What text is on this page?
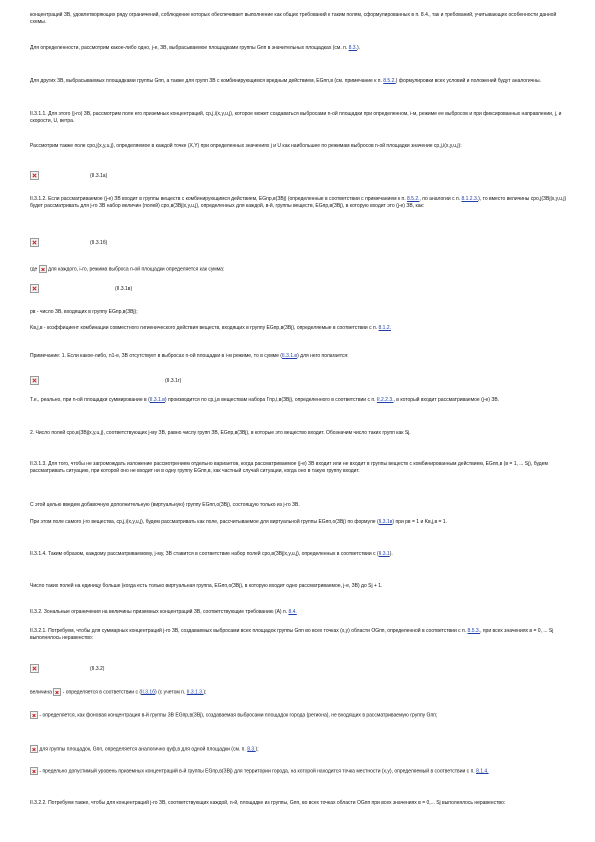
концентраций ЗВ, удовлетворяющих ряду ограничений, соблюдение которых обеспечивает выполнение как общих требований к таким полям, сформулированных в п. 8.4., так и требований, учитывающих особенности данной схемы.

Для определенности, рассмотрим какое-либо одно, j-е, ЗВ, выбрасываемое площадками группы Gпп в значительных площадках (см. п. 8.3.).

Для других ЗВ, выбрасываемых площадками группы Gпп, а также для групп ЗВ с комбинирующимся вредным действием, EGпп,в (см. примечание к п. 8.5.2.) формулировки всех условий и положений будут аналогичны.

II.3.1.1. Для этого (j-го) ЗВ, рассмотрим поле его приземных концентраций, cp,j,i(x,y,u,j), которое может создаваться выбросами n-ой площадки при определенном, i-м, режиме ее выбросов и при фиксированных направлении, j, и скорости, U, ветра.

Рассмотрим также поле cpo,j(x,y,u,j), определяемое в каждой точке (X,Y) при определенных значениях j и U как наибольшее по режимам выбросов n-ой площадки значение cp,j,i(x,y,u,j):

(II.3.1а)

II.3.1.2. Если рассматриваемое (j-е) ЗВ входит в группы веществ с комбинирующимся действием, EGпр,в(ЗВj) (определенные в соответствии с примечанием к п. 8.5.2., по аналогии с п. 8.1.2.3.), то вместо величины cpo,j(ЗВj|x,y,u,j) будет рассматривать для j-го ЗВ набор величин (полей) cpo,в(ЗВj|x,y,u,j), определенных для каждой, в-й, группы веществ, EGпр,в(ЗВj), в которую входит это (j-е) ЗВ, как:

(II.3.1б)

где для каждого, i-го, режима выброса n-ой площадки определяется как сумма:

(II.3.1в)

рв - число ЗВ, входящих в группу EGпр,в(ЗВj);

Kв,j,в - коэффициент комбинации совместного гигиенического действия веществ, входящих в группу EGпр,в(ЗВj), определяемые в соответствии с п. 8.1.2.

Примечание: 1. Если какое-либо, n1-е, ЗВ отсутствует в выбросах n-ой площадки в i-м режиме, то в сумме (II.3.1.в) для него полагается:

(II.3.1г)

Т.е., реально, при n-ой площадки суммирование в (II.3.1.в) производится по cp,j,в веществам набора Гпр,i,в(ЗВj), определенного в соответствии с п. II.2.2.3., в который входит рассматриваемое (j-е) ЗВ.

2. Число полей cpo,в(ЗВj|x,y,u,j), соответствующих j-му ЗВ, равно числу групп ЗВ, EGпр,в(ЗВj), в которые это вещество входит. Обозначим число таких групп как Sj.

II.3.1.3. Для того, чтобы не загромождать изложение рассмотрением отдельно вариантов, когда рассматриваемое (j-е) ЗВ входит или не входит в группы веществ с комбинированным действием, EGпп,в (в = 1, ... Sj), будем рассматривать ситуацию, при которой оно не входит ни в одну группу EGпп,в, как частный случай ситуации, когда оно в такую группу входит.

С этой целью введем добавочную дополнительную (виртуальную) группу EGпп,о(ЗВj), состоящую только из j-го ЗВ.

При этом поле самого j-го вещества, cp,j,i(x,y,u,j), будем рассматривать как поле, рассчитываемое для виртуальной группы EGпп,о(ЗВj) по формуле (II.3.1в) при рв = 1 и Kв,j,в = 1.

II.3.1.4. Таким образом, каждому рассматриваемому, j-му, ЗВ ставится в соответствие набор полей cpo,в(ЗВj|x,y,u,j), определенных в соответствии с (II.3.1).

Число таких полей на единицу больше (когда есть только виртуальная группа, EGпп,о(ЗВj), в которую входит одно рассматриваемое, j-е, ЗВ) до Sj + 1.

II.3.2. Зональные ограничения на величины приземных концентраций ЗВ, соответствующие требованию (А) п. 8.4.

II.3.2.1. Потребуем, чтобы для суммарных концентраций j-го ЗВ, создаваемых выбросами всех площадок группы Gпп во всех точках (x,y) области ОGпп, определенной в соответствии с п. 8.5.3., при всех значениях в = 0, ... Sj выполнялось неравенство:

(II.3.2)

величина - определяется в соответствии с (II.3.1б) (с учетом п. II.3.1.3.);

- определяется, как фоновая концентрация в-й группы ЗВ EGпр,в(ЗВj), создаваемая выбросами площадок города (региона), не входящих в рассматриваемую группу Gпп;

для группы площадок, Gпп, определяется аналогично qуф,в для одной площадки (см. п. 8.3.);

- предельно допустимый уровень приземных концентраций в-й группы EGпр,в(ЗВj) для территории города, на которой находится точка местности (x,y), определяемый в соответствии с п. 8.1.4.

II.3.2.2. Потребуем также, чтобы для концентраций j-го ЗВ, соответствующих каждой, n-й, площадке из группы, Gпп, во всех точках области ОGпп при всех значениях в = 0,... Sj выполнялось неравенство:
